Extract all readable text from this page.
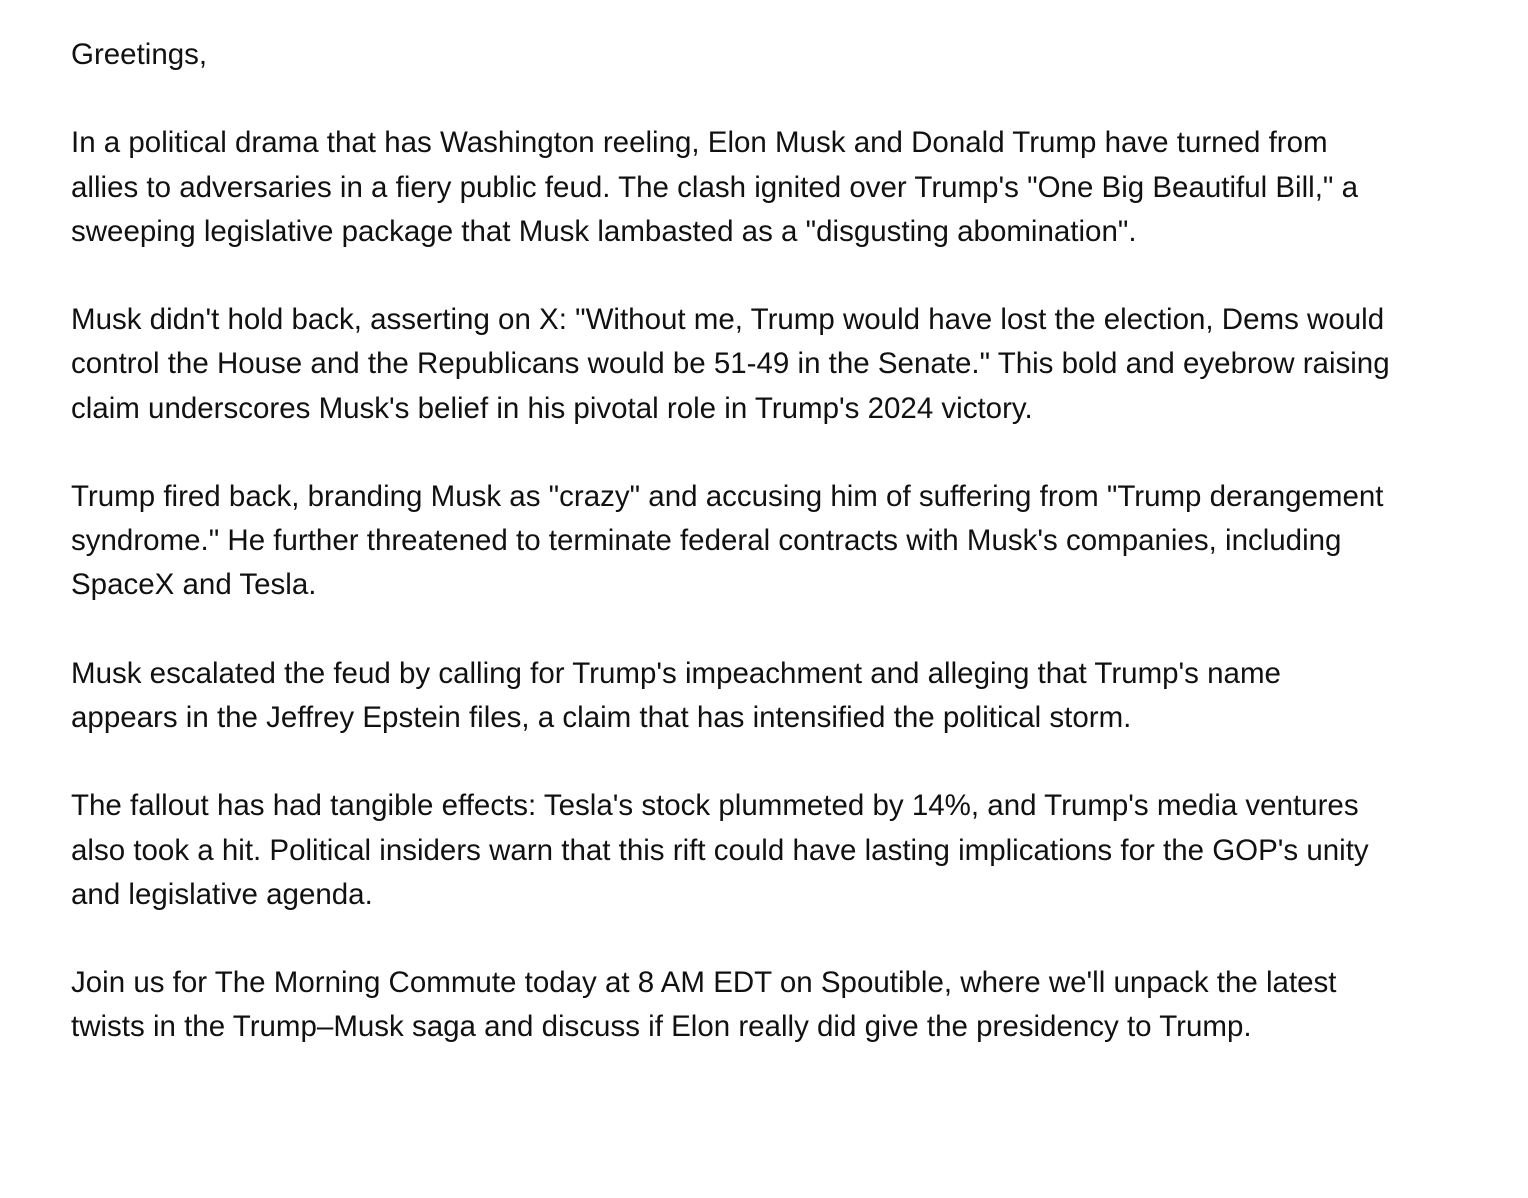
Greetings,

In a political drama that has Washington reeling, Elon Musk and Donald Trump have turned from allies to adversaries in a fiery public feud. The clash ignited over Trump's "One Big Beautiful Bill," a sweeping legislative package that Musk lambasted as a "disgusting abomination".

Musk didn't hold back, asserting on X: "Without me, Trump would have lost the election, Dems would control the House and the Republicans would be 51-49 in the Senate." This bold and eyebrow raising claim underscores Musk's belief in his pivotal role in Trump's 2024 victory.

Trump fired back, branding Musk as "crazy" and accusing him of suffering from "Trump derangement syndrome." He further threatened to terminate federal contracts with Musk's companies, including SpaceX and Tesla.

Musk escalated the feud by calling for Trump's impeachment and alleging that Trump's name appears in the Jeffrey Epstein files, a claim that has intensified the political storm.

The fallout has had tangible effects: Tesla's stock plummeted by 14%, and Trump's media ventures also took a hit. Political insiders warn that this rift could have lasting implications for the GOP's unity and legislative agenda.

Join us for The Morning Commute today at 8 AM EDT on Spoutible, where we'll unpack the latest twists in the Trump–Musk saga and discuss if Elon really did give the presidency to Trump.
